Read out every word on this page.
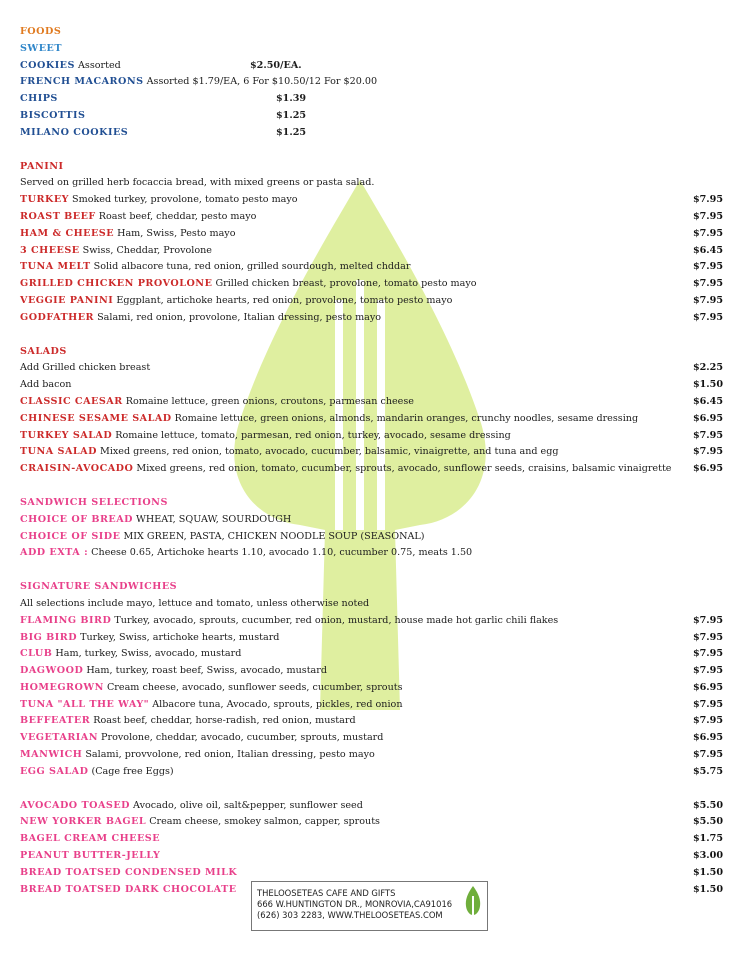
FOODS
SWEET
COOKIES Assorted	$2.50/EA.
FRENCH MACARONS Assorted $1.79/EA, 6 For $10.50/12 For $20.00
CHIPS	$1.39
BISCOTTIS	$1.25
MILANO COOKIES	$1.25
PANINI
Served on grilled herb focaccia bread, with mixed greens or pasta salad.
TURKEY Smoked turkey, provolone, tomato pesto mayo	$7.95
ROAST BEEF Roast beef, cheddar, pesto mayo	$7.95
HAM & CHEESE Ham, Swiss, Pesto mayo	$7.95
3 CHEESE Swiss, Cheddar, Provolone	$6.45
TUNA MELT Solid albacore tuna, red onion, grilled sourdough, melted chddar	$7.95
GRILLED CHICKEN PROVOLONE Grilled chicken breast, provolone, tomato pesto mayo	$7.95
VEGGIE PANINI Eggplant, artichoke hearts, red onion, provolone, tomato pesto mayo	$7.95
GODFATHER Salami, red onion, provolone, Italian dressing, pesto mayo	$7.95
SALADS
Add Grilled chicken breast	$2.25
Add bacon	$1.50
CLASSIC CAESAR Romaine lettuce, green onions, croutons, parmesan cheese	$6.45
CHINESE SESAME SALAD Romaine lettuce, green onions, almonds, mandarin oranges, crunchy noodles, sesame dressing	$6.95
TURKEY SALAD Romaine lettuce, tomato, parmesan, red onion, turkey, avocado, sesame dressing	$7.95
TUNA SALAD Mixed greens, red onion, tomato, avocado, cucumber, balsamic, vinaigrette, and tuna and egg	$7.95
CRAISIN-AVOCADO Mixed greens, red onion, tomato, cucumber, sprouts, avocado, sunflower seeds, craisins, balsamic vinaigrette $6.95
SANDWICH SELECTIONS
CHOICE OF BREAD WHEAT, SQUAW, SOURDOUGH
CHOICE OF SIDE MIX GREEN, PASTA, CHICKEN NOODLE SOUP (SEASONAL)
ADD EXTA : Cheese 0.65, Artichoke hearts 1.10, avocado 1.10, cucumber 0.75, meats 1.50
SIGNATURE SANDWICHES
All selections include mayo, lettuce and tomato, unless otherwise noted
FLAMING BIRD Turkey, avocado, sprouts, cucumber, red onion, mustard, house made hot garlic chili flakes	$7.95
BIG BIRD Turkey, Swiss, artichoke hearts, mustard	$7.95
CLUB Ham, turkey, Swiss, avocado, mustard	$7.95
DAGWOOD Ham, turkey, roast beef, Swiss, avocado, mustard	$7.95
HOMEGROWN Cream cheese, avocado, sunflower seeds, cucumber, sprouts	$6.95
TUNA "ALL THE WAY" Albacore tuna, Avocado, sprouts, pickles, red onion	$7.95
BEFFEATER Roast beef, cheddar, horse-radish, red onion, mustard	$7.95
VEGETARIAN Provolone, cheddar, avocado, cucumber, sprouts, mustard	$6.95
MANWICH Salami, provvolone, red onion, Italian dressing, pesto mayo	$7.95
EGG SALAD (Cage free Eggs)	$5.75
AVOCADO TOASED Avocado, olive oil, salt&pepper, sunflower seed	$5.50
NEW YORKER BAGEL Cream cheese, smokey salmon, capper, sprouts	$5.50
BAGEL CREAM CHEESE	$1.75
PEANUT BUTTER-JELLY	$3.00
BREAD TOATSED CONDENSED MILK	$1.50
BREAD TOATSED DARK CHOCOLATE	$1.50
THELOOSETEAS CAFE AND GIFTS
666 W.HUNTINGTON DR., MONROVIA,CA91016
(626) 303 2283, WWW.THELOOSETEAS.COM
